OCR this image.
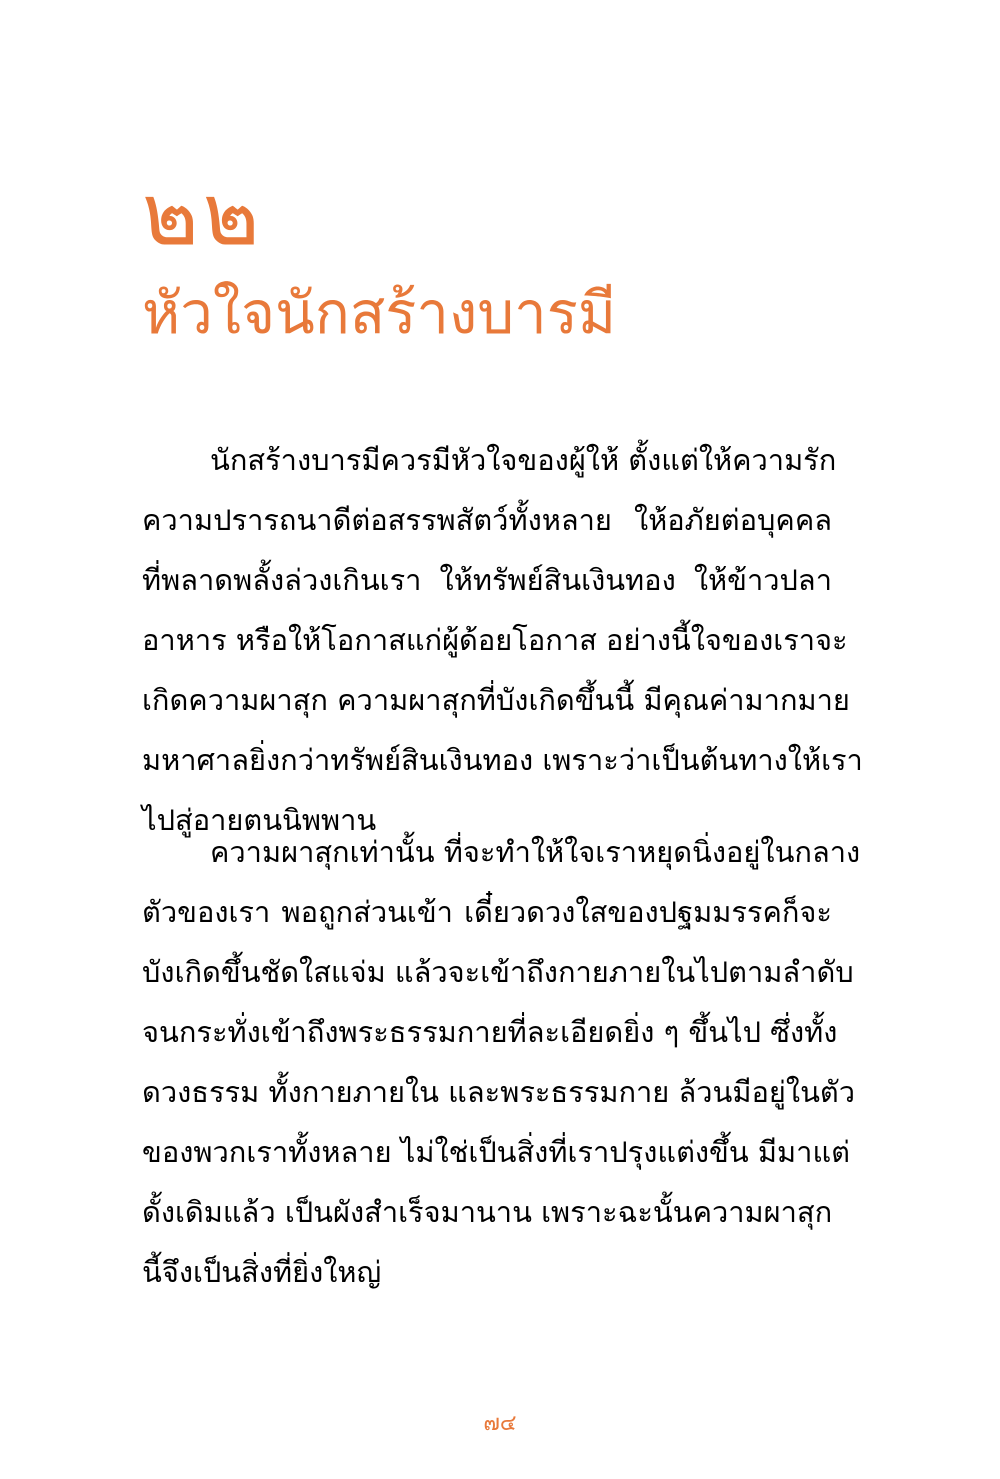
๒๒
หัวใจนักสร้างบารมี
นักสร้างบารมีควรมีหัวใจของผู้ให้ ตั้งแต่ให้ความรัก
ความปรารถนาดีต่อสรรพสัตว์ทั้งหลาย ให้อภัยต่อบุคคล
ที่พลาดพลั้งล่วงเกินเรา ให้ทรัพย์สินเงินทอง ให้ข้าวปลา
อาหาร หรือให้โอกาสแก่ผู้ด้อยโอกาส อย่างนี้ใจของเราจะ
เกิดความผาสุก ความผาสุกที่บังเกิดขึ้นนี้ มีคุณค่ามากมาย
มหาศาลยิ่งกว่าทรัพย์สินเงินทอง เพราะว่าเป็นต้นทางให้เรา
ไปสู่อายตนนิพพาน
ความผาสุกเท่านั้น ที่จะทำให้ใจเราหยุดนิ่งอยู่ในกลาง
ตัวของเรา พอถูกส่วนเข้า เดี๋ยวดวงใสของปฐมมรรคก็จะ
บังเกิดขึ้นชัดใสแจ่ม แล้วจะเข้าถึงกายภายในไปตามลำดับ
จนกระทั่งเข้าถึงพระธรรมกายที่ละเอียดยิ่ง ๆ ขึ้นไป ซึ่งทั้ง
ดวงธรรม ทั้งกายภายใน และพระธรรมกาย ล้วนมีอยู่ในตัว
ของพวกเราทั้งหลาย ไม่ใช่เป็นสิ่งที่เราปรุงแต่งขึ้น มีมาแต่
ดั้งเดิมแล้ว เป็นผังสำเร็จมานาน เพราะฉะนั้นความผาสุก
นี้จึงเป็นสิ่งที่ยิ่งใหญ่
๗๔
